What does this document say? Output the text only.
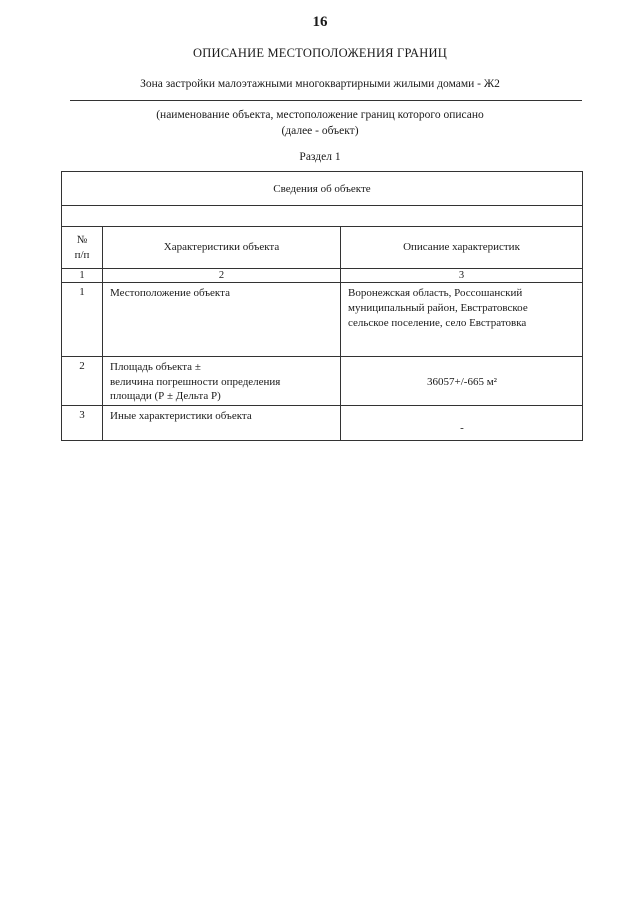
16
ОПИСАНИЕ МЕСТОПОЛОЖЕНИЯ ГРАНИЦ
Зона застройки малоэтажными многоквартирными жилыми домами - Ж2
(наименование объекта, местоположение границ которого описано
(далее - объект)
Раздел 1
Сведения об объекте		

№
п/п	Характеристики объекта	Описание характеристик
1	2	3
1	Местоположение объекта	Воронежская область, Россошанский
муниципальный район, Евстратовское
сельское поселение, село Евстратовка

2	Площадь объекта ±
величина погрешности определения
площади (Р ± Дельта Р)	36057+/-665 м²

3	Иные характеристики объекта	-
